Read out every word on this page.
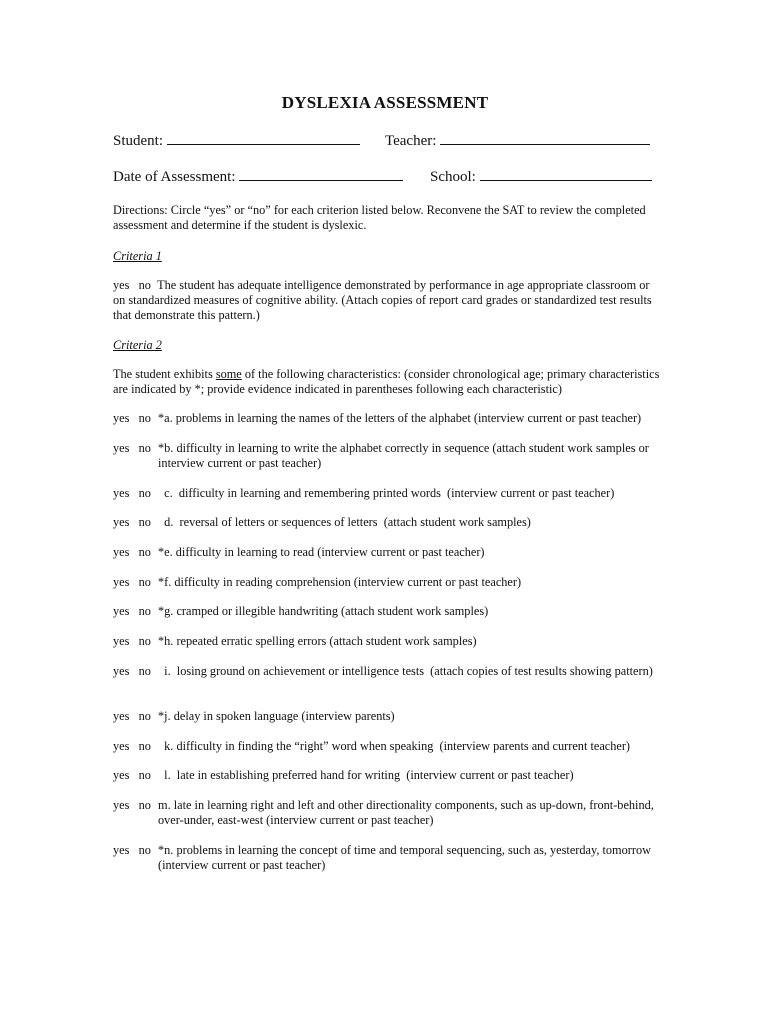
DYSLEXIA ASSESSMENT
Student:	Teacher:
Date of Assessment:	School:
Directions: Circle “yes” or “no” for each criterion listed below. Reconvene the SAT to review the completed assessment and determine if the student is dyslexic.
Criteria 1
yes   no The student has adequate intelligence demonstrated by performance in age appropriate classroom or on standardized measures of cognitive ability. (Attach copies of report card grades or standardized test results that demonstrate this pattern.)
Criteria 2
The student exhibits some of the following characteristics: (consider chronological age; primary characteristics are indicated by *; provide evidence indicated in parentheses following each characteristic)
yes   no *a. problems in learning the names of the letters of the alphabet (interview current or past teacher)
yes   no *b. difficulty in learning to write the alphabet correctly in sequence (attach student work samples or interview current or past teacher)
yes   no c.  difficulty in learning and remembering printed words  (interview current or past teacher)
yes   no d.  reversal of letters or sequences of letters  (attach student work samples)
yes   no *e. difficulty in learning to read (interview current or past teacher)
yes   no *f. difficulty in reading comprehension (interview current or past teacher)
yes   no *g. cramped or illegible handwriting (attach student work samples)
yes   no *h. repeated erratic spelling errors (attach student work samples)
yes   no i.  losing ground on achievement or intelligence tests  (attach copies of test results showing pattern)
yes   no *j. delay in spoken language (interview parents)
yes   no k. difficulty in finding the “right” word when speaking  (interview parents and current teacher)
yes   no l.  late in establishing preferred hand for writing  (interview current or past teacher)
yes   no m. late in learning right and left and other directionality components, such as up-down, front-behind, over-under, east-west (interview current or past teacher)
yes   no *n. problems in learning the concept of time and temporal sequencing, such as, yesterday, tomorrow (interview current or past teacher)
